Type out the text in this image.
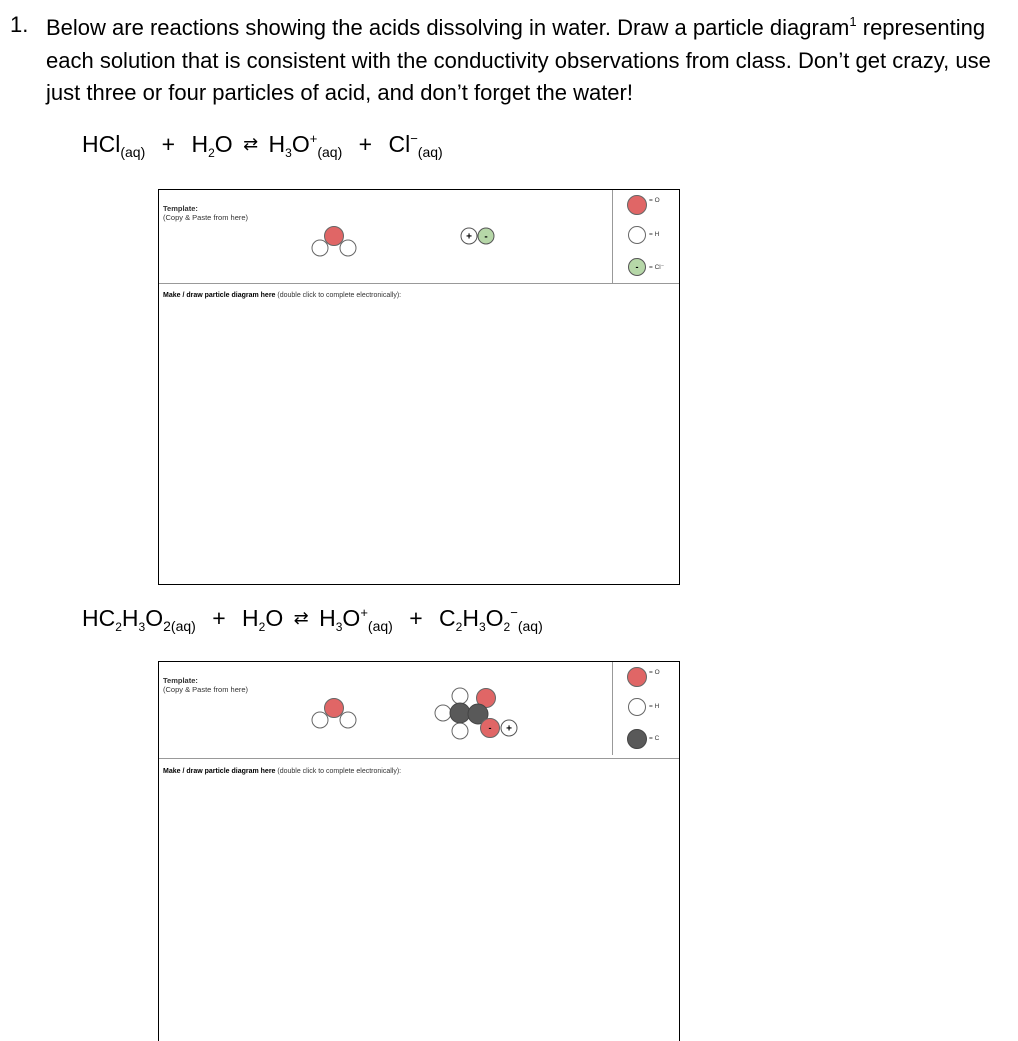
1. Below are reactions showing the acids dissolving in water. Draw a particle diagram$^1$ representing each solution that is consistent with the conductivity observations from class. Don’t get crazy, use just three or four particles of acid, and don’t forget the water!
$HCl_{(aq)} + H_2O$ ⇄ $H_3O^+_{(aq)} + Cl^-_{(aq)}$
Template:
(Copy & Paste from here)
+ -
= O
= H
- = Cl⁻
Make / draw particle diagram here (double click to complete electronically):
$HC_2H_3O_{2(aq)} + H_2O$ ⇄ $H_3O^+_{(aq)} + C_2H_3O_2^-_{(aq)}$
Template:
(Copy & Paste from here)
- +
= O
= H
= C
Make / draw particle diagram here (double click to complete electronically):
